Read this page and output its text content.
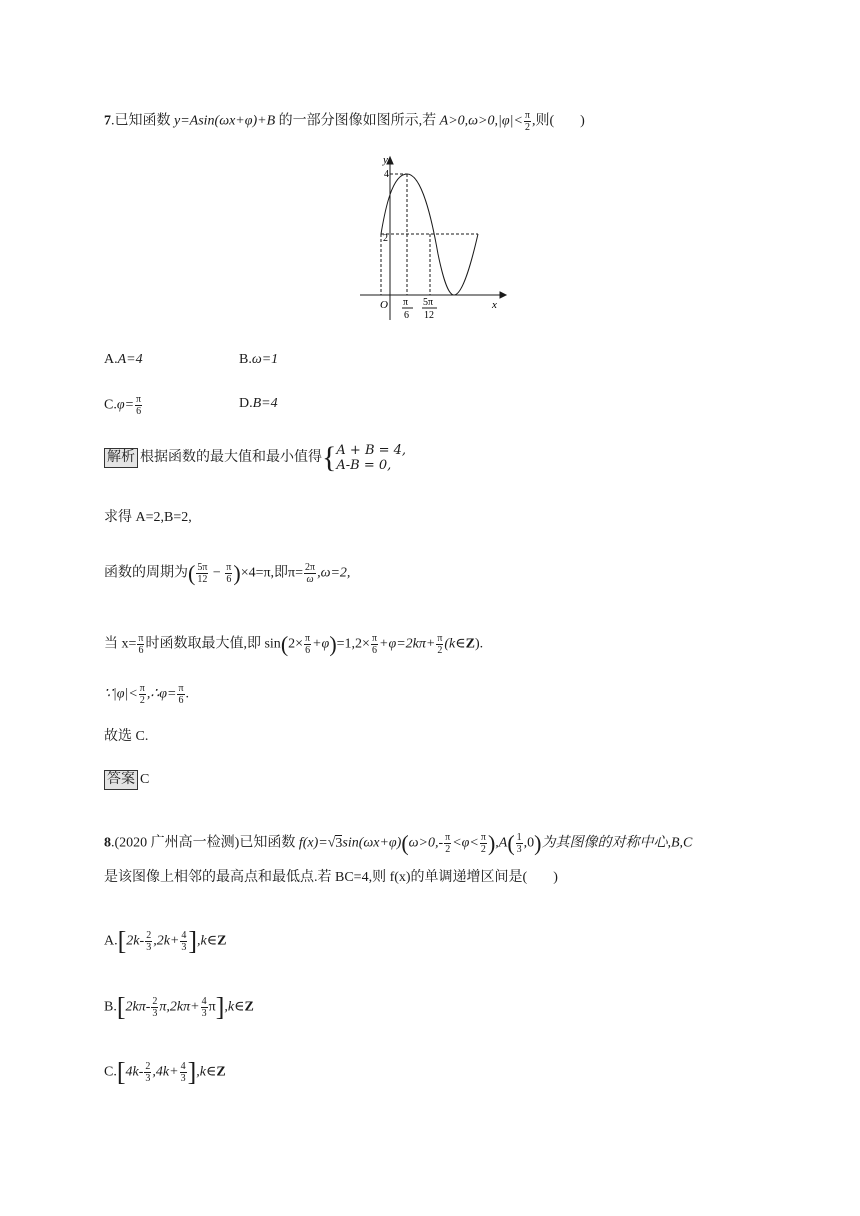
7.已知函数 y=Asin(ωx+φ)+B 的一部分图像如图所示,若 $A>0,\omega>0,|\varphi|< \frac{\pi}{2}$ ,则( )
y
x
4
2
O π
6
5π
12
A.A=4	B.ω=1
$C.\varphi= \frac{\pi}{6}$	D.B=4
解析 根据函数的最大值和最小值得{ A + B = 4,
A-B = 0,
求得 A=2,B=2,
函数的周期为( $\frac{5\pi}{12} - \frac{\pi}{6} )\times 4=\pi$,即$\pi= \frac{2\pi}{\omega} ,\omega=2$,
当 $x= \frac{\pi}{6}$ 时函数取最大值,即 $\sin(2\times \frac{\pi}{6} +\varphi)=1,2\times \frac{\pi}{6} +\varphi=2k\pi+ \frac{\pi}{2}$ (k∈Z).
∵|φ|< $\frac{\pi}{2}$ ,∴φ= $\frac{\pi}{6}$ .
故选 C.
答案 C
8.(2020 广州高一检测)已知函数 $f(x)=√3\sin(\omega x+\varphi)(\omega>0,- \frac{\pi}{2} <\varphi< \frac{\pi}{2} ),A( \frac{1}{3} ,0)$为其图像的对称中心,B,C
是该图像上相邻的最高点和最低点.若 BC=4,则 f(x)的单调递增区间是( )
$A.[2k- \frac{2}{3} ,2k+ \frac{4}{3}$ ],k∈Z
$B.[2k\pi- \frac{2}{3} \pi,2k\pi+ \frac{4}{3}$ π],k∈Z
$C.[4k- \frac{2}{3} ,4k+ \frac{4}{3}$ ],k∈Z
